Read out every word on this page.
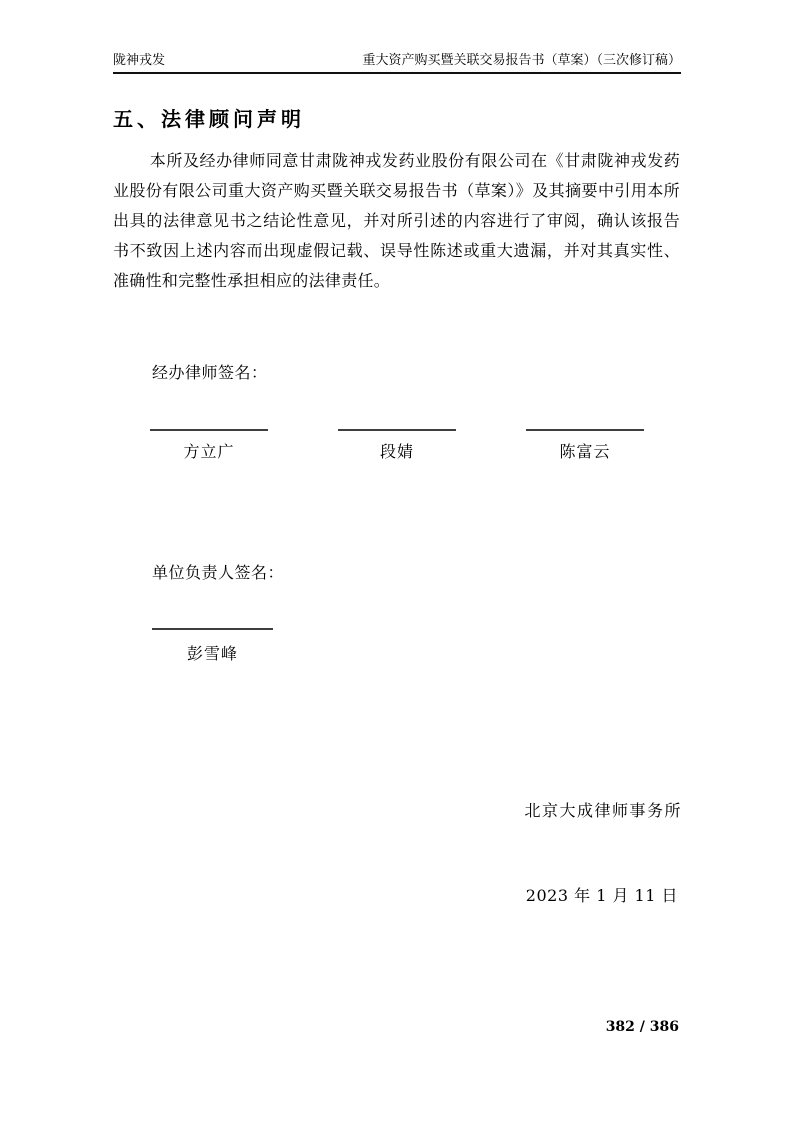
陇神戎发	重大资产购买暨关联交易报告书（草案）（三次修订稿）
五、法律顾问声明

本所及经办律师同意甘肃陇神戎发药业股份有限公司在《甘肃陇神戎发药业股份有限公司重大资产购买暨关联交易报告书（草案）》及其摘要中引用本所出具的法律意见书之结论性意见，并对所引述的内容进行了审阅，确认该报告书不致因上述内容而出现虚假记载、误导性陈述或重大遗漏，并对其真实性、准确性和完整性承担相应的法律责任。

经办律师签名：
方立广	段婧	陈富云
单位负责人签名：
彭雪峰
北京大成律师事务所
2023 年 1 月 11 日
382 / 386
